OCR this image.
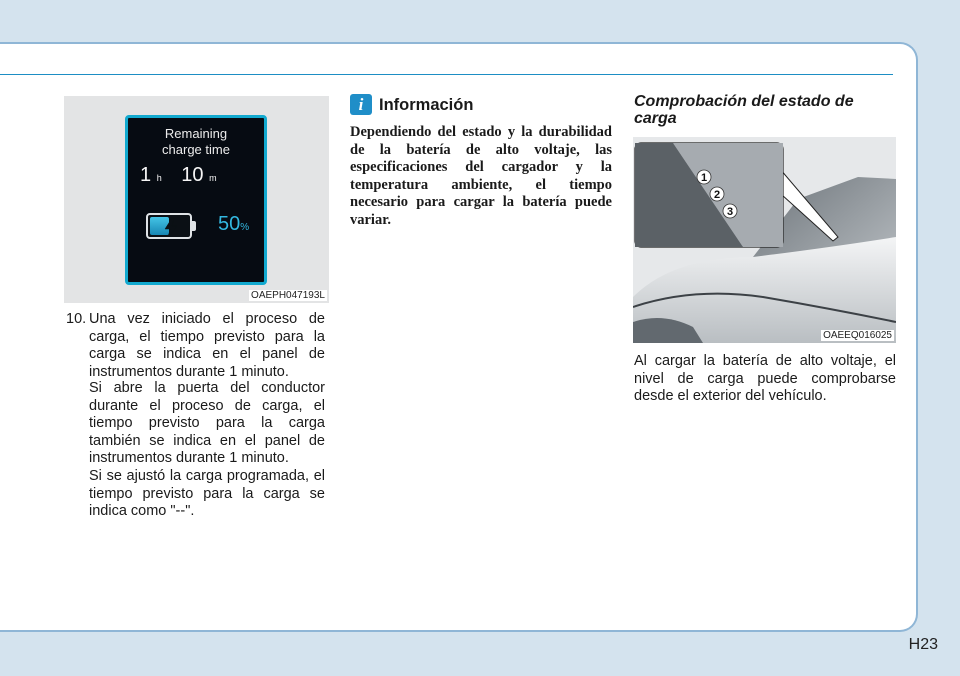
Remaining
charge time
1 h 10 m
50%
OAEPH047193L
10. Una vez iniciado el proceso de carga, el tiempo previsto para la carga se indica en el panel de instrumentos durante 1 minuto.

Si abre la puerta del conductor durante el proceso de carga, el tiempo previsto para la carga también se indica en el panel de instrumentos durante 1 minuto.

Si se ajustó la carga programada, el tiempo previsto para la carga se indica como "--".

i Información

Dependiendo del estado y la durabilidad de la batería de alto voltaje, las especificaciones del cargador y la temperatura ambiente, el tiempo necesario para cargar la batería puede variar.

Comprobación del estado de carga
1
2
3
OAEEQ016025

Al cargar la batería de alto voltaje, el nivel de carga puede comprobarse desde el exterior del vehículo.

H23
